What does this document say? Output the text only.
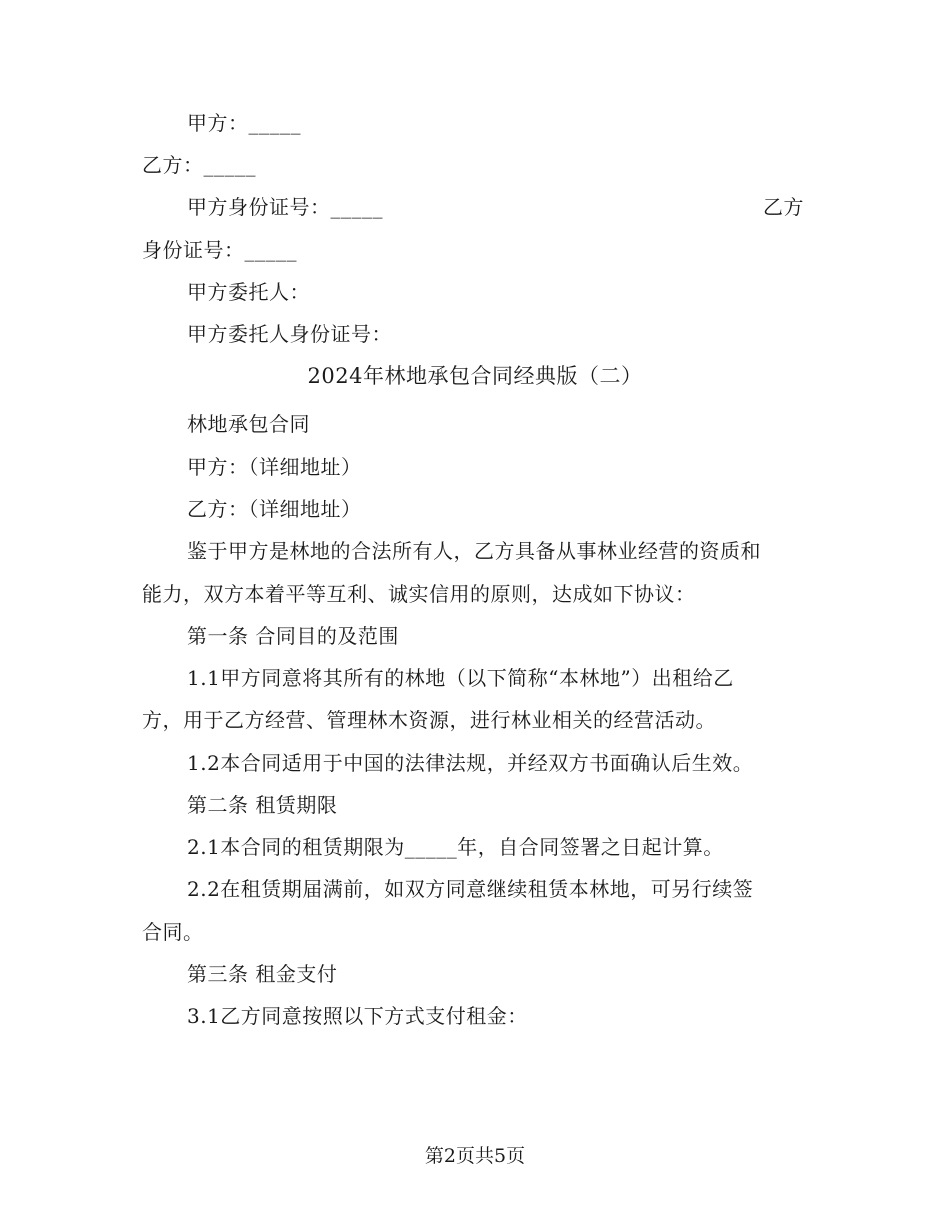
甲方：_____
乙方：_____
甲方身份证号：_____	乙方
身份证号：_____
甲方委托人：
甲方委托人身份证号：
2024年林地承包合同经典版（二）
林地承包合同
甲方：（详细地址）
乙方：（详细地址）
鉴于甲方是林地的合法所有人，乙方具备从事林业经营的资质和
能力，双方本着平等互利、诚实信用的原则，达成如下协议：
第一条 合同目的及范围
1.1甲方同意将其所有的林地（以下简称“本林地”）出租给乙
方，用于乙方经营、管理林木资源，进行林业相关的经营活动。
1.2本合同适用于中国的法律法规，并经双方书面确认后生效。
第二条 租赁期限
2.1本合同的租赁期限为_____年，自合同签署之日起计算。
2.2在租赁期届满前，如双方同意继续租赁本林地，可另行续签
合同。
第三条 租金支付
3.1乙方同意按照以下方式支付租金：
第2页共5页
